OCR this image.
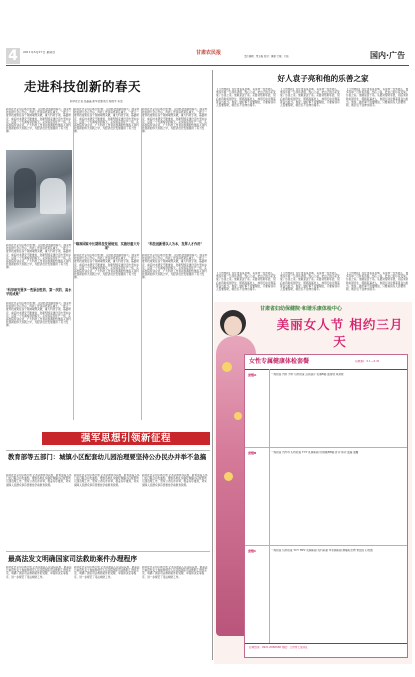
4	2011年3月27日 星期日	甘肃农民报
责任编辑：贾永梅 校对：康丽 美编：王铭	国内·广告
走进科技创新的春天
新华社记者 吴晶晶 新华社通讯员 杨国丰 邓洁
新华社北京3月26日电 题：走进科技创新的春天。国家科技奖励大会召开后，科技工作者深感责任重大。一批又一批科技成果在各个领域取得突破，重大科技专项、基础研究、前沿技术研究不断推进，创新型国家建设迈出坚实步伐。这是一个充满希望的春天。从实验室到生产一线，从高校院所到企业，广大科技工作者以饱满的热情投入到科技创新的伟大实践之中，为经济社会发展提供了有力支撑。
新华社北京3月26日电 题：走进科技创新的春天。国家科技奖励大会召开后，科技工作者深感责任重大。一批又一批科技成果在各个领域取得突破，重大科技专项、基础研究、前沿技术研究不断推进，创新型国家建设迈出坚实步伐。这是一个充满希望的春天。从实验室到生产一线，从高校院所到企业，广大科技工作者以饱满的热情投入到科技创新的伟大实践之中，为经济社会发展提供了有力支撑。
新华社北京3月26日电 题：走进科技创新的春天。国家科技奖励大会召开后，科技工作者深感责任重大。一批又一批科技成果在各个领域取得突破，重大科技专项、基础研究、前沿技术研究不断推进，创新型国家建设迈出坚实步伐。这是一个充满希望的春天。从实验室到生产一线，从高校院所到企业，广大科技工作者以饱满的热情投入到科技创新的伟大实践之中，为经济社会发展提供了有力支撑。
新华社北京3月26日电 题：走进科技创新的春天。国家科技奖励大会召开后，科技工作者深感责任重大。一批又一批科技成果在各个领域取得突破，重大科技专项、基础研究、前沿技术研究不断推进，创新型国家建设迈出坚实步伐。这是一个充满希望的春天。从实验室到生产一线，从高校院所到企业，广大科技工作者以饱满的热情投入到科技创新的伟大实践之中，为经济社会发展提供了有力支撑。
"科学研究要多一些原创性的、第一次的、高水平的成果"
新华社北京3月26日电 题：走进科技创新的春天。国家科技奖励大会召开后，科技工作者深感责任重大。一批又一批科技成果在各个领域取得突破，重大科技专项、基础研究、前沿技术研究不断推进，创新型国家建设迈出坚实步伐。这是一个充满希望的春天。从实验室到生产一线，从高校院所到企业，广大科技工作者以饱满的热情投入到科技创新的伟大实践之中，为经济社会发展提供了有力支撑。
"瞄准国家中长期科技发展规划，实施好重大专项"
新华社北京3月26日电 题：走进科技创新的春天。国家科技奖励大会召开后，科技工作者深感责任重大。一批又一批科技成果在各个领域取得突破，重大科技专项、基础研究、前沿技术研究不断推进，创新型国家建设迈出坚实步伐。这是一个充满希望的春天。从实验室到生产一线，从高校院所到企业，广大科技工作者以饱满的热情投入到科技创新的伟大实践之中，为经济社会发展提供了有力支撑。
"科技创新要以人为本，发挥人才作用"
新华社北京3月26日电 题：走进科技创新的春天。国家科技奖励大会召开后，科技工作者深感责任重大。一批又一批科技成果在各个领域取得突破，重大科技专项、基础研究、前沿技术研究不断推进，创新型国家建设迈出坚实步伐。这是一个充满希望的春天。从实验室到生产一线，从高校院所到企业，广大科技工作者以饱满的热情投入到科技创新的伟大实践之中，为经济社会发展提供了有力支撑。
强军思想引领新征程
教育部等五部门：城镇小区配套幼儿园治理要坚持公办民办并举不急搞
新华社北京3月26日电 记者从教育部获悉，教育部等五部门近日联合印发通知，要求各地扎实做好城镇小区配套幼儿园治理工作，坚持公办民办并举，稳妥有序推进，切实保障人民群众享有普惠性学前教育资源。
新华社北京3月26日电 记者从教育部获悉，教育部等五部门近日联合印发通知，要求各地扎实做好城镇小区配套幼儿园治理工作，坚持公办民办并举，稳妥有序推进，切实保障人民群众享有普惠性学前教育资源。
新华社北京3月26日电 记者从教育部获悉，教育部等五部门近日联合印发通知，要求各地扎实做好城镇小区配套幼儿园治理工作，坚持公办民办并举，稳妥有序推进，切实保障人民群众享有普惠性学前教育资源。
最高法发文明确国家司法救助案件办理程序
新华社北京3月26日电 记者从最高人民法院获悉，最高法日前印发关于加强和规范人民法院国家司法救助工作的意见，明确了国家司法救助案件的受理、审查和决定等程序，进一步规范了司法救助工作。
新华社北京3月26日电 记者从最高人民法院获悉，最高法日前印发关于加强和规范人民法院国家司法救助工作的意见，明确了国家司法救助案件的受理、审查和决定等程序，进一步规范了司法救助工作。
新华社北京3月26日电 记者从最高人民法院获悉，最高法日前印发关于加强和规范人民法院国家司法救助工作的意见，明确了国家司法救助案件的受理、审查和决定等程序，进一步规范了司法救助工作。
好人袁子亮和他的乐善之家
【兰州晨报】在甘肃省某县城，有这样一位普通人，他多年如一日扶贫济困、热心公益，把自己的小家变成了乐善之家。他就是袁子亮。从最初帮助邻居，到后来资助贫困学生、照顾孤寡老人，他用行动诠释着善良与担当。他说：做好事不需要理由，只要看到有人需要帮助，就会忍不住伸出援手。
【兰州晨报】在甘肃省某县城，有这样一位普通人，他多年如一日扶贫济困、热心公益，把自己的小家变成了乐善之家。他就是袁子亮。从最初帮助邻居，到后来资助贫困学生、照顾孤寡老人，他用行动诠释着善良与担当。他说：做好事不需要理由，只要看到有人需要帮助，就会忍不住伸出援手。
【兰州晨报】在甘肃省某县城，有这样一位普通人，他多年如一日扶贫济困、热心公益，把自己的小家变成了乐善之家。他就是袁子亮。从最初帮助邻居，到后来资助贫困学生、照顾孤寡老人，他用行动诠释着善良与担当。他说：做好事不需要理由，只要看到有人需要帮助，就会忍不住伸出援手。
【兰州晨报】在甘肃省某县城，有这样一位普通人，他多年如一日扶贫济困、热心公益，把自己的小家变成了乐善之家。他就是袁子亮。从最初帮助邻居，到后来资助贫困学生、照顾孤寡老人，他用行动诠释着善良与担当。他说：做好事不需要理由，只要看到有人需要帮助，就会忍不住伸出援手。
【兰州晨报】在甘肃省某县城，有这样一位普通人，他多年如一日扶贫济困、热心公益，把自己的小家变成了乐善之家。他就是袁子亮。从最初帮助邻居，到后来资助贫困学生、照顾孤寡老人，他用行动诠释着善良与担当。他说：做好事不需要理由，只要看到有人需要帮助，就会忍不住伸出援手。
【兰州晨报】在甘肃省某县城，有这样一位普通人，他多年如一日扶贫济困、热心公益，把自己的小家变成了乐善之家。他就是袁子亮。从最初帮助邻居，到后来资助贫困学生、照顾孤寡老人，他用行动诠释着善良与担当。他说：做好事不需要理由，只要看到有人需要帮助，就会忍不住伸出援手。
甘肃省妇幼保健院·和谐乐康体检中心
美丽女人节 相约三月天
女性专属健康体检套餐	有效期：3.1—3.31
套餐A	一般检查 内科 外科 妇科检查 宫颈涂片 乳腺B超 血常规 尿常规
套餐B	一般检查 内外科 妇科检查 TCT 乳腺彩超 肝胆胰脾B超 肝功 肾功 血脂 血糖
套餐C	一般检查 妇科检查 TCT HPV 乳腺彩超 妇科彩超 甲状腺彩超 肿瘤标志物 骨密度 心电图
咨询热线：0931-8888888 地址：兰州市七里河区
